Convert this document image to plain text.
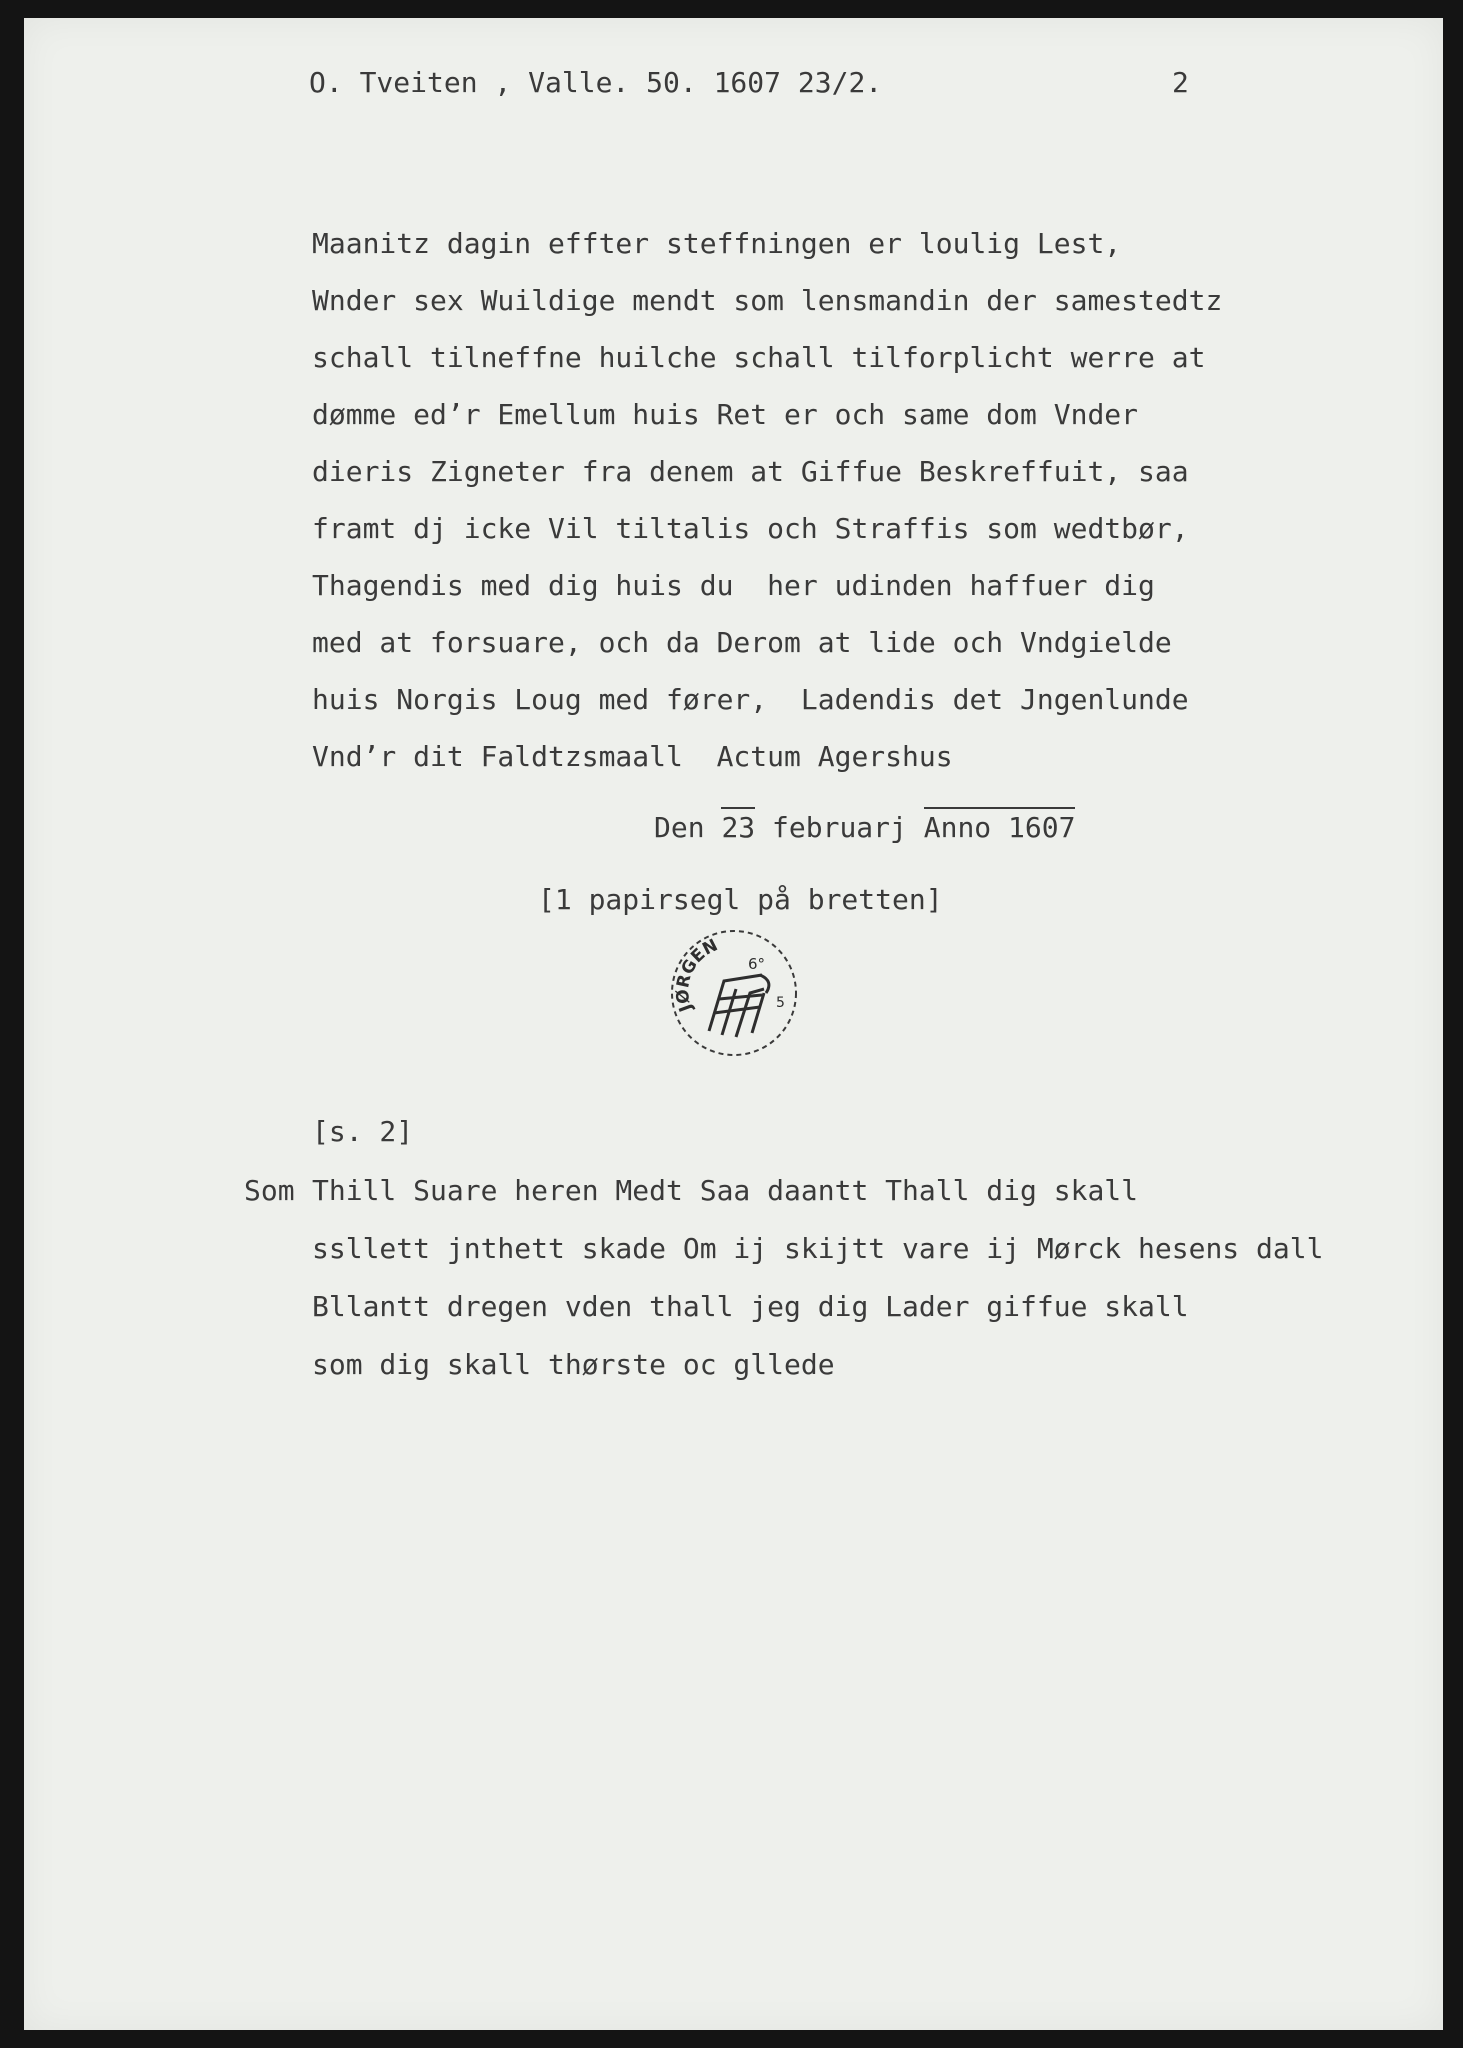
O. Tveiten , Valle. 50. 1607 23/2.	2
Maanitz dagin effter steffningen er loulig Lest,
Wnder sex Wuildige mendt som lensmandin der samestedtz
schall tilneffne huilche schall tilforplicht werre at
dømme ed’r Emellum huis Ret er och same dom Vnder
dieris Zigneter fra denem at Giffue Beskreffuit, saa
framt dj icke Vil tiltalis och Straffis som wedtbør,
Thagendis med dig huis du  her udinden haffuer dig
med at forsuare, och da Derom at lide och Vndgielde
huis Norgis Loug med fører,  Ladendis det Jngenlunde
Vnd’r dit Faldtzsmaall  Actum Agershus
Den 23 februarj Anno 1607
[1 papirsegl på bretten]
JØRGEN
6°
5
[s. 2]
Som Thill Suare heren Medt Saa daantt Thall dig skall
ssllett jnthett skade Om ij skijtt vare ij Mørck hesens dall
Bllantt dregen vden thall jeg dig Lader giffue skall
som dig skall thørste oc gllede
